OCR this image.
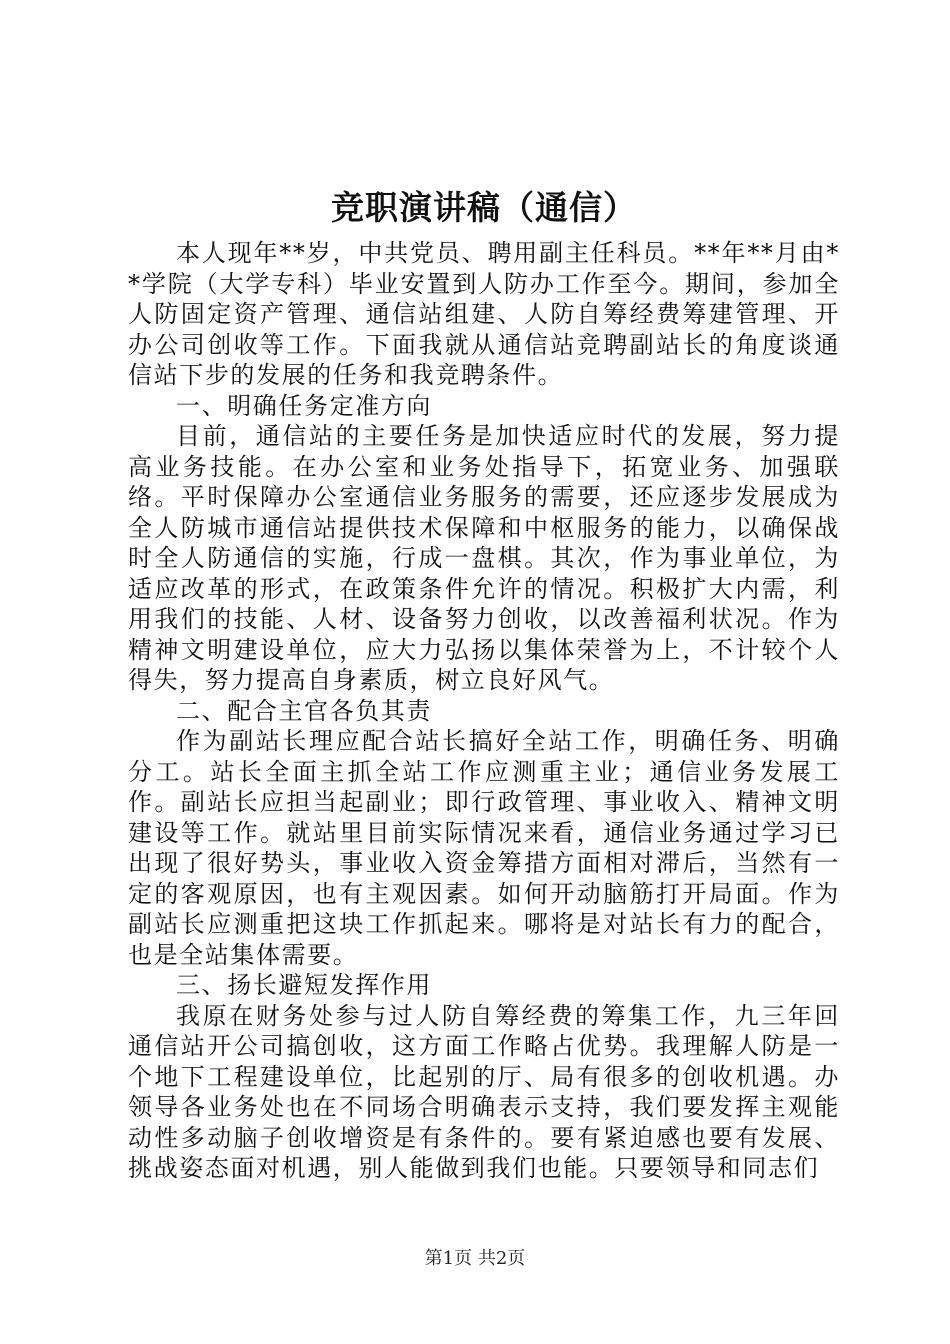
竞职演讲稿（通信）

本人现年**岁，中共党员、聘用副主任科员。**年**月由**学院（大学专科）毕业安置到人防办工作至今。期间，参加全人防固定资产管理、通信站组建、人防自筹经费筹建管理、开办公司创收等工作。下面我就从通信站竞聘副站长的角度谈通信站下步的发展的任务和我竞聘条件。

一、明确任务定准方向

目前，通信站的主要任务是加快适应时代的发展，努力提高业务技能。在办公室和业务处指导下，拓宽业务、加强联络。平时保障办公室通信业务服务的需要，还应逐步发展成为全人防城市通信站提供技术保障和中枢服务的能力，以确保战时全人防通信的实施，行成一盘棋。其次，作为事业单位，为适应改革的形式，在政策条件允许的情况。积极扩大内需，利用我们的技能、人材、设备努力创收，以改善福利状况。作为精神文明建设单位，应大力弘扬以集体荣誉为上，不计较个人得失，努力提高自身素质，树立良好风气。

二、配合主官各负其责

作为副站长理应配合站长搞好全站工作，明确任务、明确分工。站长全面主抓全站工作应测重主业；通信业务发展工作。副站长应担当起副业；即行政管理、事业收入、精神文明建设等工作。就站里目前实际情况来看，通信业务通过学习已出现了很好势头，事业收入资金筹措方面相对滞后，当然有一定的客观原因，也有主观因素。如何开动脑筋打开局面。作为副站长应测重把这块工作抓起来。哪将是对站长有力的配合，也是全站集体需要。

三、扬长避短发挥作用

我原在财务处参与过人防自筹经费的筹集工作，九三年回通信站开公司搞创收，这方面工作略占优势。我理解人防是一个地下工程建设单位，比起别的厅、局有很多的创收机遇。办领导各业务处也在不同场合明确表示支持，我们要发挥主观能动性多动脑子创收增资是有条件的。要有紧迫感也要有发展、挑战姿态面对机遇，别人能做到我们也能。只要领导和同志们

第1页 共2页
